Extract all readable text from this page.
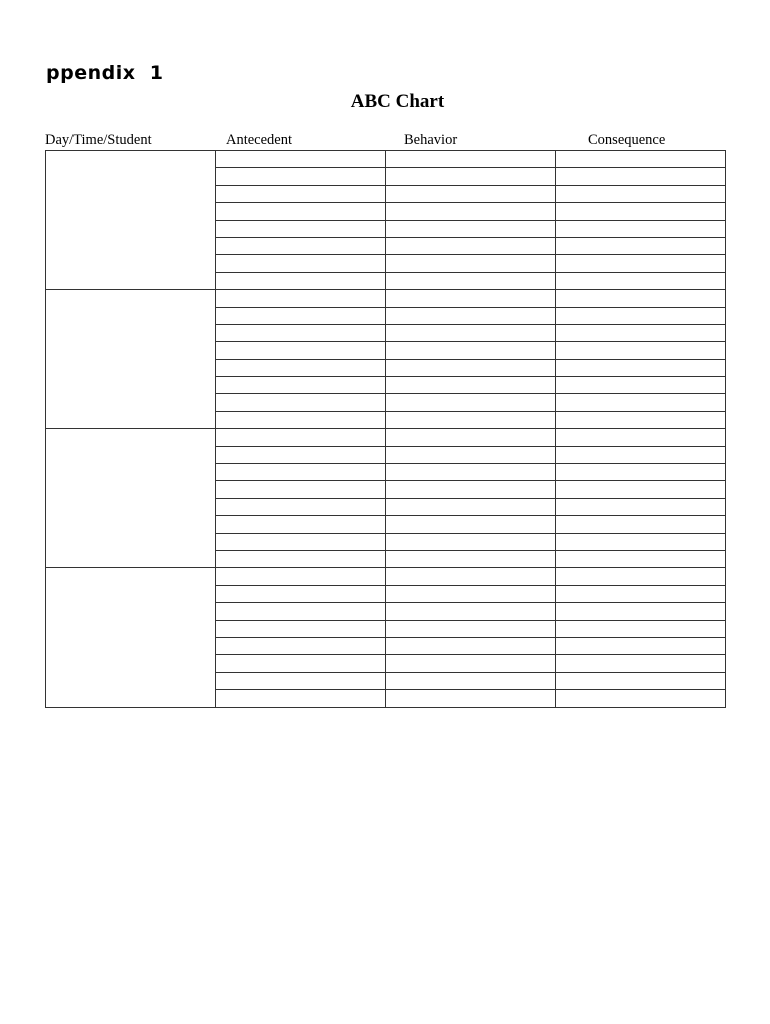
ppendix  1
ABC Chart
Day/Time/Student	Antecedent	Behavior	Consequence
